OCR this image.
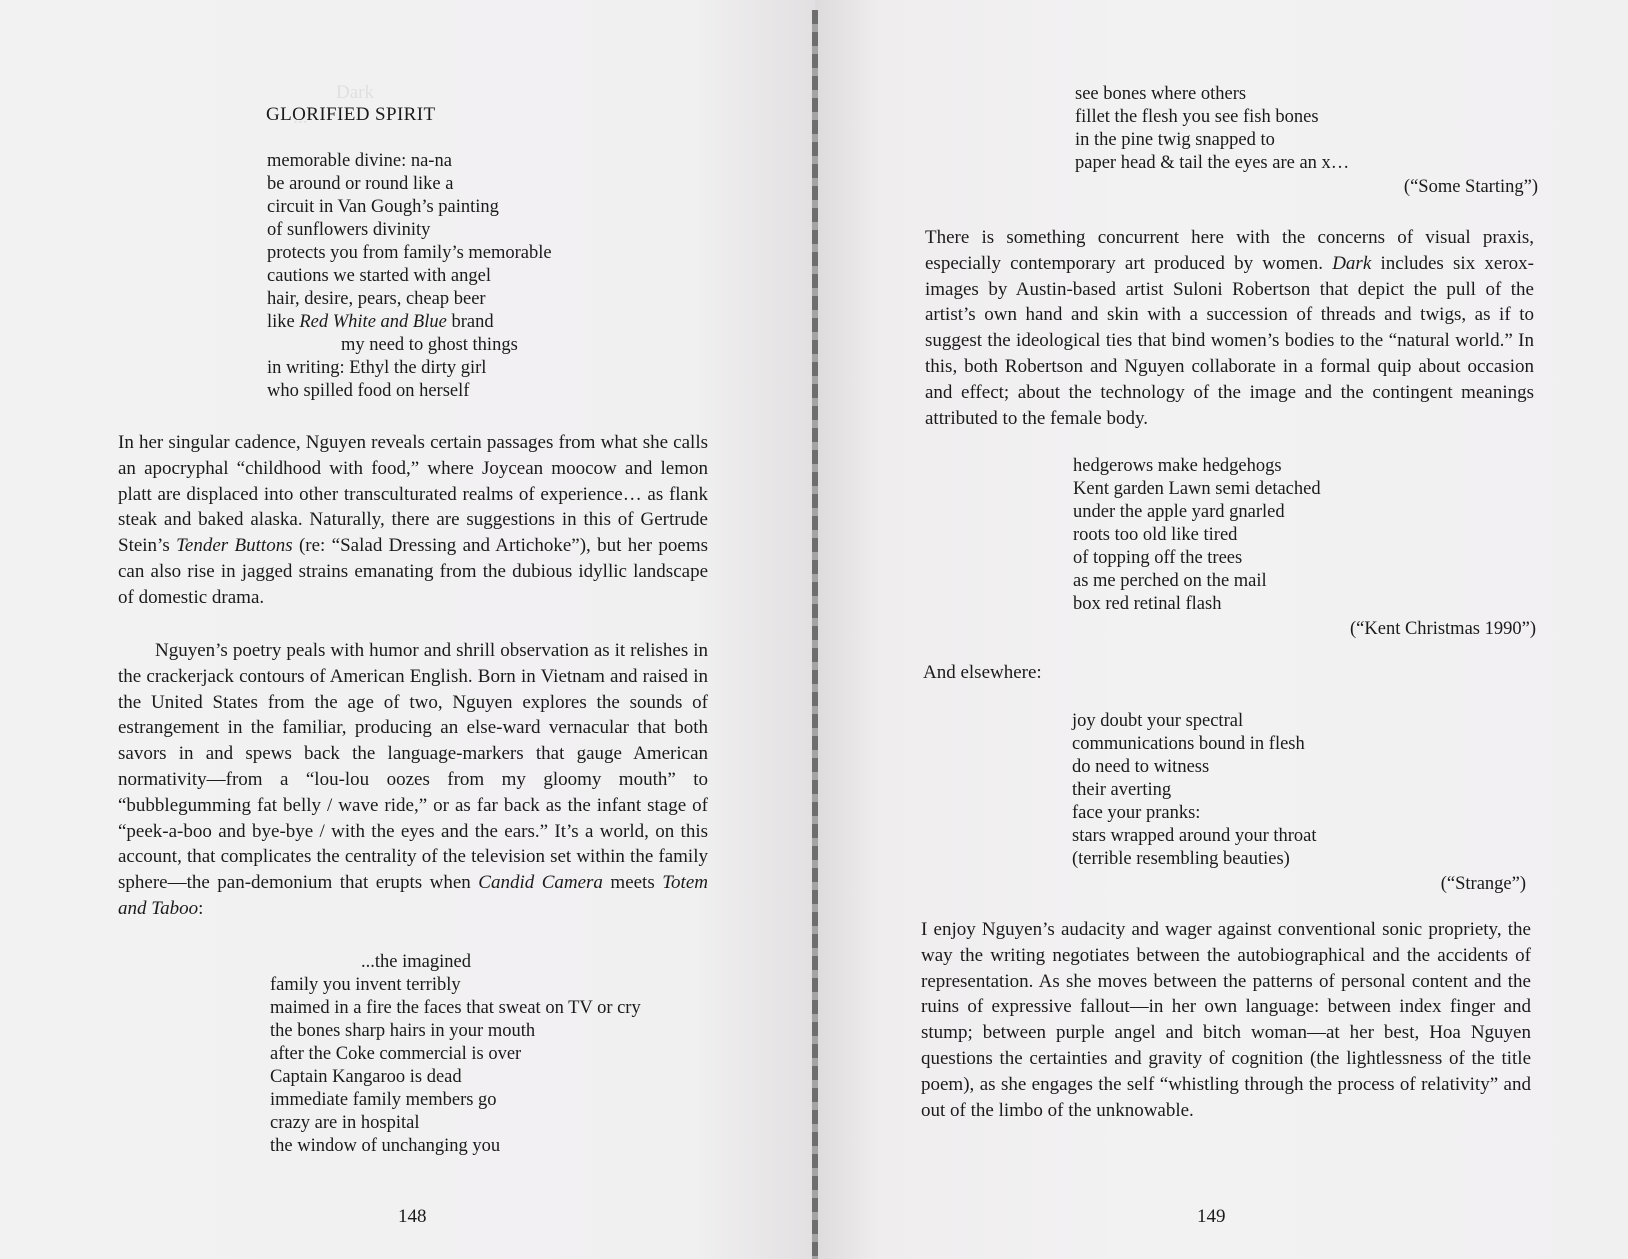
Dark
...

GLORIFIED SPIRIT
memorable divine: na-na
be around or round like a
circuit in Van Gough’s painting
of sunflowers divinity
protects you from family’s memorable
cautions we started with angel
hair, desire, pears, cheap beer
like Red White and Blue brand
my need to ghost things
in writing: Ethyl the dirty girl
who spilled food on herself

In her singular cadence, Nguyen reveals certain passages from what she calls an apocryphal “childhood with food,” where Joycean moocow and lemon platt are displaced into other transculturated realms of experience… as flank steak and baked alaska. Naturally, there are suggestions in this of Gertrude Stein’s Tender Buttons (re: “Salad Dressing and Artichoke”), but her poems can also rise in jagged strains emanating from the dubious idyllic landscape of domestic drama.

Nguyen’s poetry peals with humor and shrill observation as it relishes in the crackerjack contours of American English. Born in Vietnam and raised in the United States from the age of two, Nguyen explores the sounds of estrangement in the familiar, producing an else-ward vernacular that both savors in and spews back the language-markers that gauge American normativity—from a “lou-lou oozes from my gloomy mouth” to “bubblegumming fat belly / wave ride,” or as far back as the infant stage of “peek-a-boo and bye-bye / with the eyes and the ears.” It’s a world, on this account, that complicates the centrality of the television set within the family sphere—the pan-demonium that erupts when Candid Camera meets Totem and Taboo:

...the imagined
family you invent terribly
maimed in a fire the faces that sweat on TV or cry
the bones sharp hairs in your mouth
after the Coke commercial is over
Captain Kangaroo is dead
immediate family members go
crazy are in hospital
the window of unchanging you
148
see bones where others
fillet the flesh you see fish bones
in the pine twig snapped to
paper head & tail the eyes are an x…
(“Some Starting”)

There is something concurrent here with the concerns of visual praxis, especially contemporary art produced by women. Dark includes six xerox-images by Austin-based artist Suloni Robertson that depict the pull of the artist’s own hand and skin with a succession of threads and twigs, as if to suggest the ideological ties that bind women’s bodies to the “natural world.” In this, both Robertson and Nguyen collaborate in a formal quip about occasion and effect; about the technology of the image and the contingent meanings attributed to the female body.

hedgerows make hedgehogs
Kent garden Lawn semi detached
under the apple yard gnarled
roots too old like tired
of topping off the trees
as me perched on the mail
box red retinal flash
(“Kent Christmas 1990”)
And elsewhere:
joy doubt your spectral
communications bound in flesh
do need to witness
their averting
face your pranks:
stars wrapped around your throat
(terrible resembling beauties)
(“Strange”)

I enjoy Nguyen’s audacity and wager against conventional sonic propriety, the way the writing negotiates between the autobiographical and the accidents of representation. As she moves between the patterns of personal content and the ruins of expressive fallout—in her own language: between index finger and stump; between purple angel and bitch woman—at her best, Hoa Nguyen questions the certainties and gravity of cognition (the lightlessness of the title poem), as she engages the self “whistling through the process of relativity” and out of the limbo of the unknowable.

149
